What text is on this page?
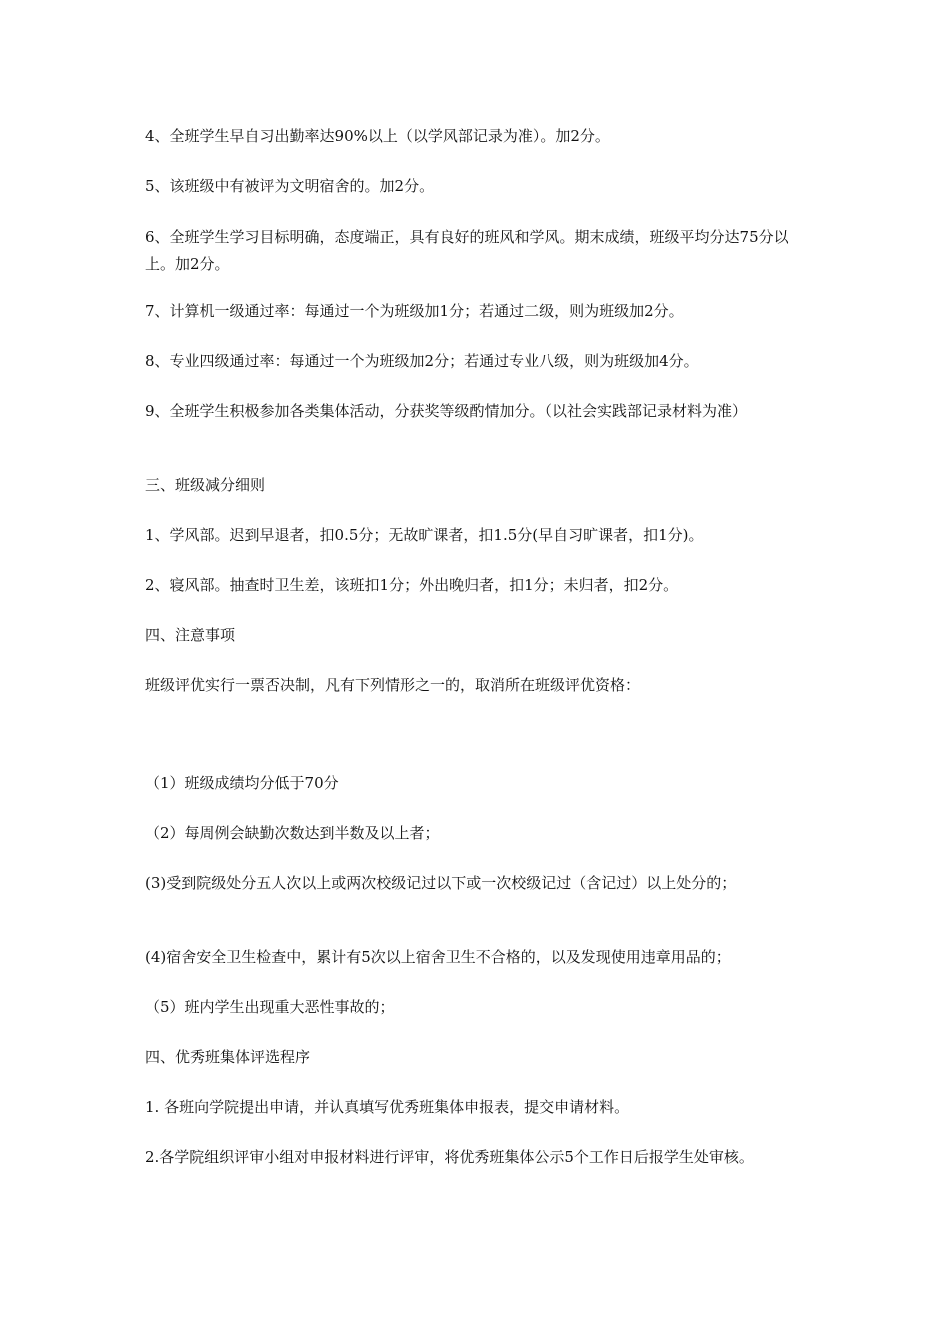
4、全班学生早自习出勤率达90%以上（以学风部记录为准）。加2分。

5、该班级中有被评为文明宿舍的。加2分。

6、全班学生学习目标明确，态度端正，具有良好的班风和学风。期末成绩，班级平均分达75分以上。加2分。

7、计算机一级通过率：每通过一个为班级加1分；若通过二级，则为班级加2分。

8、专业四级通过率：每通过一个为班级加2分；若通过专业八级，则为班级加4分。

9、全班学生积极参加各类集体活动，分获奖等级酌情加分。（以社会实践部记录材料为准）

三、班级减分细则

1、学风部。迟到早退者，扣0.5分；无故旷课者，扣1.5分(早自习旷课者，扣1分)。

2、寝风部。抽查时卫生差，该班扣1分；外出晚归者，扣1分；未归者，扣2分。

四、注意事项

班级评优实行一票否决制，凡有下列情形之一的，取消所在班级评优资格：

（1）班级成绩均分低于70分

（2）每周例会缺勤次数达到半数及以上者；

(3)受到院级处分五人次以上或两次校级记过以下或一次校级记过（含记过）以上处分的；

(4)宿舍安全卫生检查中，累计有5次以上宿舍卫生不合格的，以及发现使用违章用品的；

（5）班内学生出现重大恶性事故的；

四、优秀班集体评选程序

1. 各班向学院提出申请，并认真填写优秀班集体申报表，提交申请材料。

2.各学院组织评审小组对申报材料进行评审，将优秀班集体公示5个工作日后报学生处审核。
